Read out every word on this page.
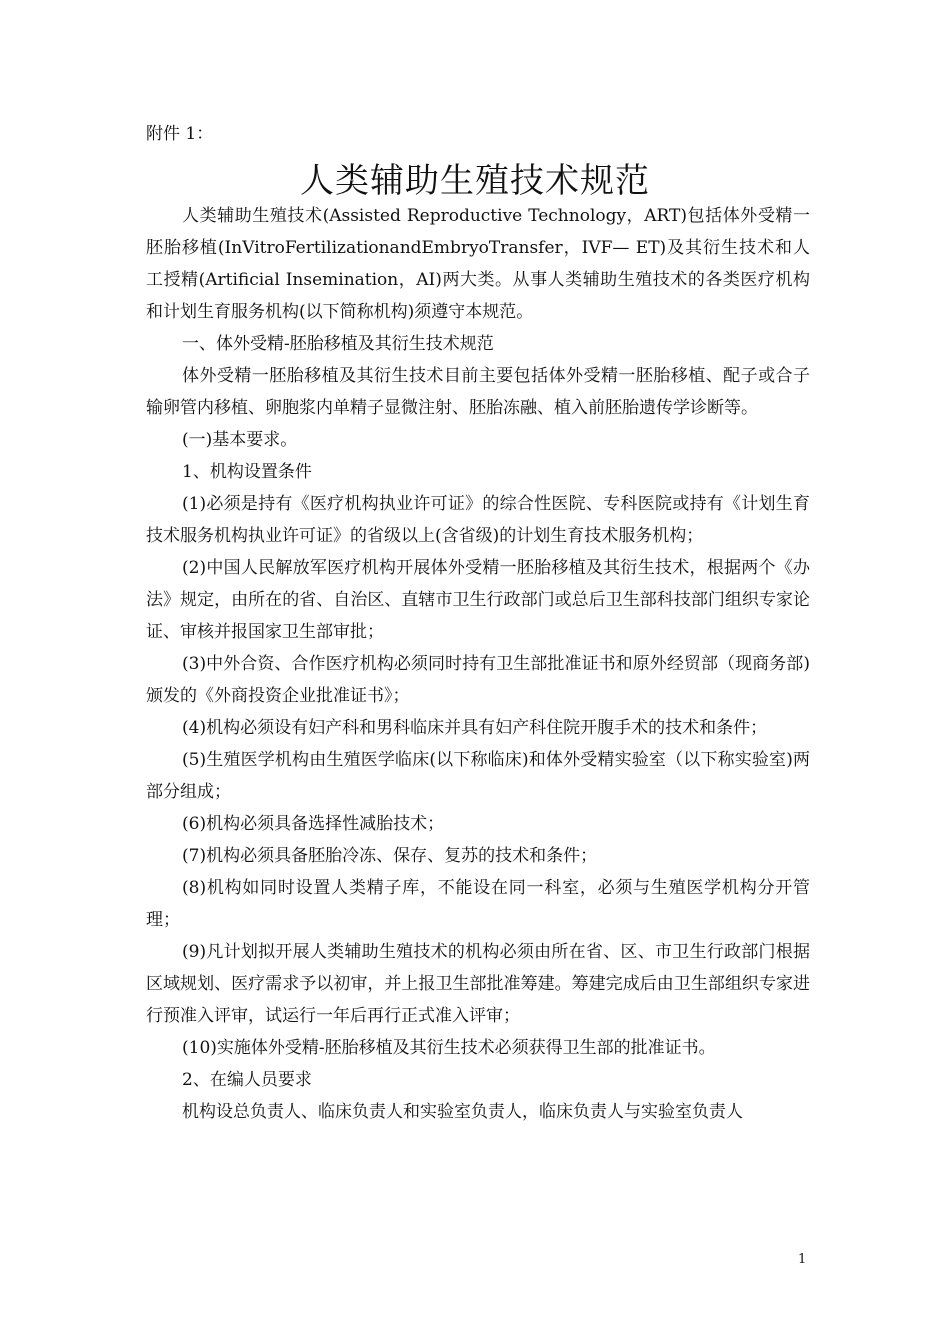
附件 1：
人类辅助生殖技术规范

人类辅助生殖技术(Assisted Reproductive Technology，ART)包括体外受精一胚胎移植(InVitroFertilizationandEmbryoTransfer，IVF— ET)及其衍生技术和人工授精(Artificial Insemination，AI)两大类。从事人类辅助生殖技术的各类医疗机构和计划生育服务机构(以下简称机构)须遵守本规范。

一、体外受精-胚胎移植及其衍生技术规范

体外受精一胚胎移植及其衍生技术目前主要包括体外受精一胚胎移植、配子或合子输卵管内移植、卵胞浆内单精子显微注射、胚胎冻融、植入前胚胎遗传学诊断等。

(一)基本要求。

1、机构设置条件

(1)必须是持有《医疗机构执业许可证》的综合性医院、专科医院或持有《计划生育技术服务机构执业许可证》的省级以上(含省级)的计划生育技术服务机构；

(2)中国人民解放军医疗机构开展体外受精一胚胎移植及其衍生技术，根据两个《办法》规定，由所在的省、自治区、直辖市卫生行政部门或总后卫生部科技部门组织专家论证、审核并报国家卫生部审批；

(3)中外合资、合作医疗机构必须同时持有卫生部批准证书和原外经贸部（现商务部)颁发的《外商投资企业批准证书》；

(4)机构必须设有妇产科和男科临床并具有妇产科住院开腹手术的技术和条件；

(5)生殖医学机构由生殖医学临床(以下称临床)和体外受精实验室（以下称实验室)两部分组成；

(6)机构必须具备选择性减胎技术；

(7)机构必须具备胚胎冷冻、保存、复苏的技术和条件；

(8)机构如同时设置人类精子库，不能设在同一科室，必须与生殖医学机构分开管理；

(9)凡计划拟开展人类辅助生殖技术的机构必须由所在省、区、市卫生行政部门根据区域规划、医疗需求予以初审，并上报卫生部批准筹建。筹建完成后由卫生部组织专家进行预准入评审，试运行一年后再行正式准入评审；

(10)实施体外受精-胚胎移植及其衍生技术必须获得卫生部的批准证书。

2、在编人员要求

机构设总负责人、临床负责人和实验室负责人，临床负责人与实验室负责人

1
